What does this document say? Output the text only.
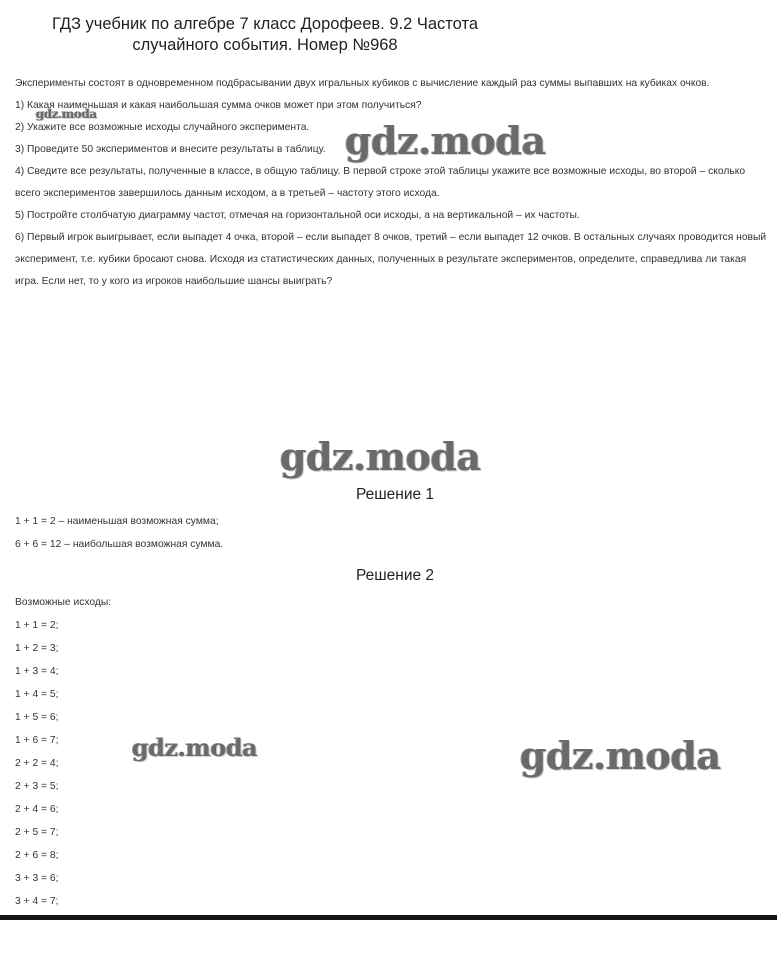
ГДЗ учебник по алгебре 7 класс Дорофеев. 9.2 Частота
случайного события. Номер №968

Эксперименты состоят в одновременном подбрасывании двух игральных кубиков с вычисление каждый раз суммы выпавших на кубиках очков.

1) Какая наименьшая и какая наибольшая сумма очков может при этом получиться?

2) Укажите все возможные исходы случайного эксперимента.

3) Проведите 50 экспериментов и внесите результаты в таблицу.

4) Сведите все результаты, полученные в классе, в общую таблицу. В первой строке этой таблицы укажите все возможные исходы, во второй – сколько всего экспериментов завершилось данным исходом, а в третьей – частоту этого исхода.

5) Постройте столбчатую диаграмму частот, отмечая на горизонтальной оси исходы, а на вертикальной – их частоты.

6) Первый игрок выигрывает, если выпадет 4 очка, второй – если выпадет 8 очков, третий – если выпадет 12 очков. В остальных случаях проводится новый эксперимент, т.е. кубики бросают снова. Исходя из статистических данных, полученных в результате экспериментов, определите, справедлива ли такая игра. Если нет, то у кого из игроков наибольшие шансы выиграть?

gdz.moda
gdz.moda
gdz.moda
Решение 1

1 + 1 = 2 – наименьшая возможная сумма;

6 + 6 = 12 – наибольшая возможная сумма.

Решение 2

Возможные исходы:

1 + 1 = 2;

1 + 2 = 3;

1 + 3 = 4;

1 + 4 = 5;

1 + 5 = 6;

1 + 6 = 7;

2 + 2 = 4;

2 + 3 = 5;

2 + 4 = 6;

2 + 5 = 7;

2 + 6 = 8;

3 + 3 = 6;

3 + 4 = 7;

gdz.moda	gdz.moda
